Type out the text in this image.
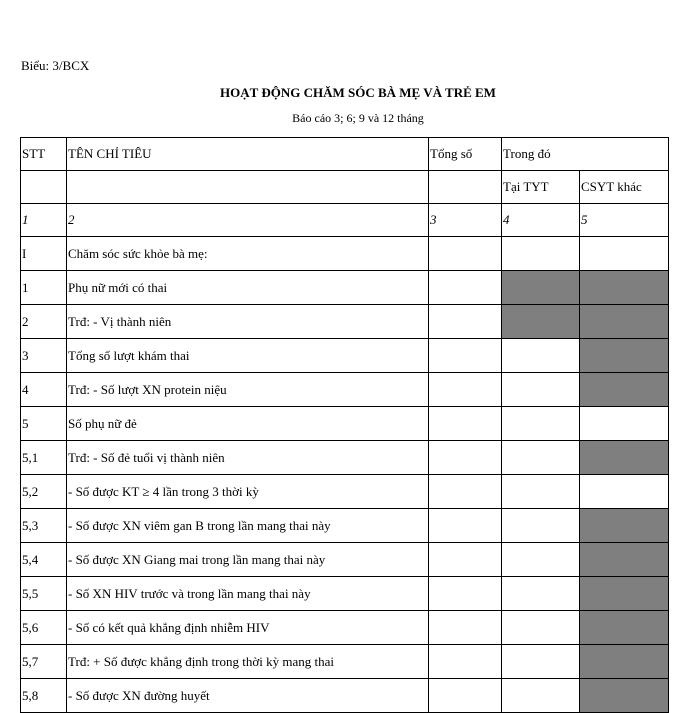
Biểu: 3/BCX
HOẠT ĐỘNG CHĂM SÓC BÀ MẸ VÀ TRẺ EM
Báo cáo 3; 6; 9 và 12 tháng
STT	TÊN CHỈ TIÊU	Tổng số	Trong đó	
			Tại TYT	CSYT khác
1	2	3	4	5
I	Chăm sóc sức khỏe bà mẹ:			
1	Phụ nữ mới có thai			
2	Trđ: - Vị thành niên			
3	Tổng số lượt khám thai			
4	Trđ: - Số lượt XN protein niệu			
5	Số phụ nữ đẻ			
5,1	Trđ: - Số đẻ tuổi vị thành niên			
5,2	- Số được KT ≥ 4 lần trong 3 thời kỳ			
5,3	- Số được XN viêm gan B trong lần mang thai này			
5,4	- Số được XN Giang mai trong lần mang thai này			
5,5	- Số XN HIV trước và trong lần mang thai này			
5,6	- Số có kết quả khẳng định nhiễm HIV			
5,7	Trđ: + Số được khẳng định trong thời kỳ mang thai			
5,8	- Số được XN đường huyết			
